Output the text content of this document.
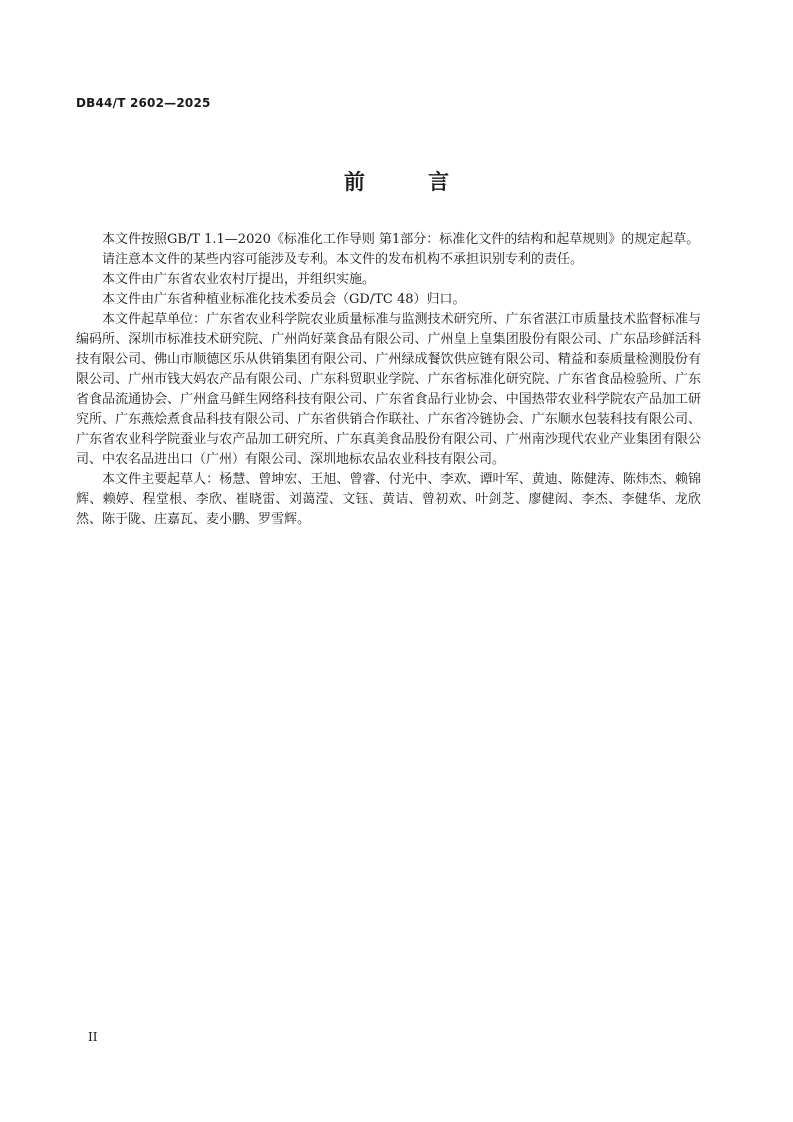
DB44/T 2602—2025
前 言

本文件按照GB/T 1.1—2020《标准化工作导则 第1部分：标准化文件的结构和起草规则》的规定起草。

请注意本文件的某些内容可能涉及专利。本文件的发布机构不承担识别专利的责任。

本文件由广东省农业农村厅提出，并组织实施。

本文件由广东省种植业标准化技术委员会（GD/TC 48）归口。

本文件起草单位：广东省农业科学院农业质量标准与监测技术研究所、广东省湛江市质量技术监督标准与编码所、深圳市标准技术研究院、广州尚好菜食品有限公司、广州皇上皇集团股份有限公司、广东品珍鲜活科技有限公司、佛山市顺德区乐从供销集团有限公司、广州绿成餐饮供应链有限公司、精益和泰质量检测股份有限公司、广州市钱大妈农产品有限公司、广东科贸职业学院、广东省标准化研究院、广东省食品检验所、广东省食品流通协会、广州盒马鲜生网络科技有限公司、广东省食品行业协会、中国热带农业科学院农产品加工研究所、广东燕烩煮食品科技有限公司、广东省供销合作联社、广东省冷链协会、广东顺水包装科技有限公司、广东省农业科学院蚕业与农产品加工研究所、广东真美食品股份有限公司、广州南沙现代农业产业集团有限公司、中农名品进出口（广州）有限公司、深圳地标农品农业科技有限公司。

本文件主要起草人：杨慧、曾坤宏、王旭、曾睿、付光中、李欢、谭叶军、黄迪、陈健涛、陈炜杰、赖锦辉、赖婷、程堂根、李欣、崔晓雷、刘蔼滢、文钰、黄诘、曾初欢、叶剑芝、廖健闳、李杰、李健华、龙欣然、陈于陇、庄嘉瓦、麦小鹏、罗雪辉。

II
